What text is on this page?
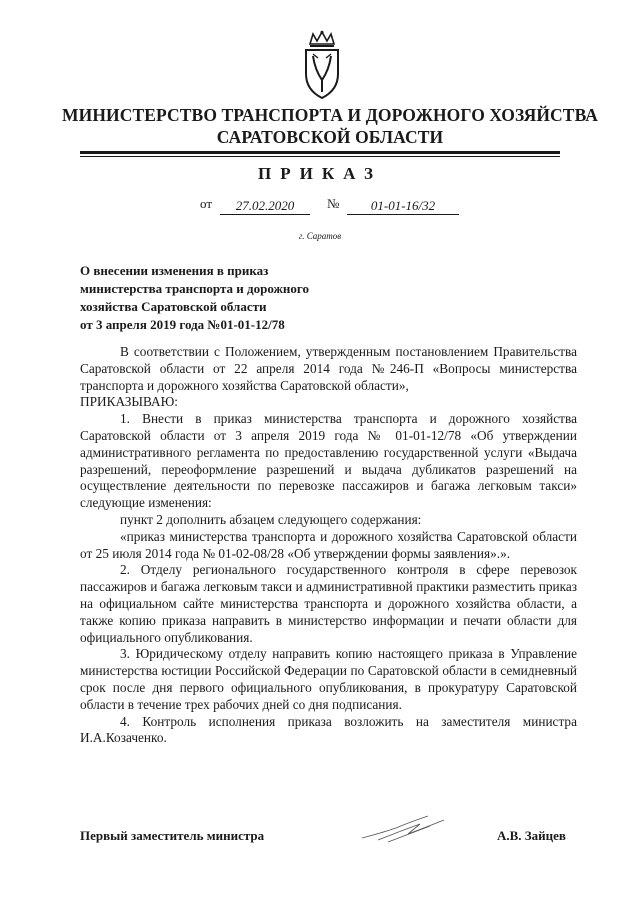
МИНИСТЕРСТВО ТРАНСПОРТА И ДОРОЖНОГО ХОЗЯЙСТВА
САРАТОВСКОЙ ОБЛАСТИ
ПРИКАЗ
от	27.02.2020	№	01-01-16/32
г. Саратов
О внесении изменения в приказ
министерства транспорта и дорожного
хозяйства Саратовской области
от 3 апреля 2019 года №01-01-12/78

В соответствии с Положением, утвержденным постановлением Правительства Саратовской области от 22 апреля 2014 года №246-П «Вопросы министерства транспорта и дорожного хозяйства Саратовской области»,

ПРИКАЗЫВАЮ:

1. Внести в приказ министерства транспорта и дорожного хозяйства Саратовской области от 3 апреля 2019 года № 01-01-12/78 «Об утверждении административного регламента по предоставлению государственной услуги «Выдача разрешений, переоформление разрешений и выдача дубликатов разрешений на осуществление деятельности по перевозке пассажиров и багажа легковым такси» следующие изменения:

пункт 2 дополнить абзацем следующего содержания:

«приказ министерства транспорта и дорожного хозяйства Саратовской области от 25 июля 2014 года № 01-02-08/28 «Об утверждении формы заявления».».

2. Отделу регионального государственного контроля в сфере перевозок пассажиров и багажа легковым такси и административной практики разместить приказ на официальном сайте министерства транспорта и дорожного хозяйства области, а также копию приказа направить в министерство информации и печати области для официального опубликования.

3. Юридическому отделу направить копию настоящего приказа в Управление министерства юстиции Российской Федерации по Саратовской области в семидневный срок после дня первого официального опубликования, в прокуратуру Саратовской области в течение трех рабочих дней со дня подписания.

4. Контроль исполнения приказа возложить на заместителя министра И.А.Козаченко.

Первый заместитель министра	А.В. Зайцев
